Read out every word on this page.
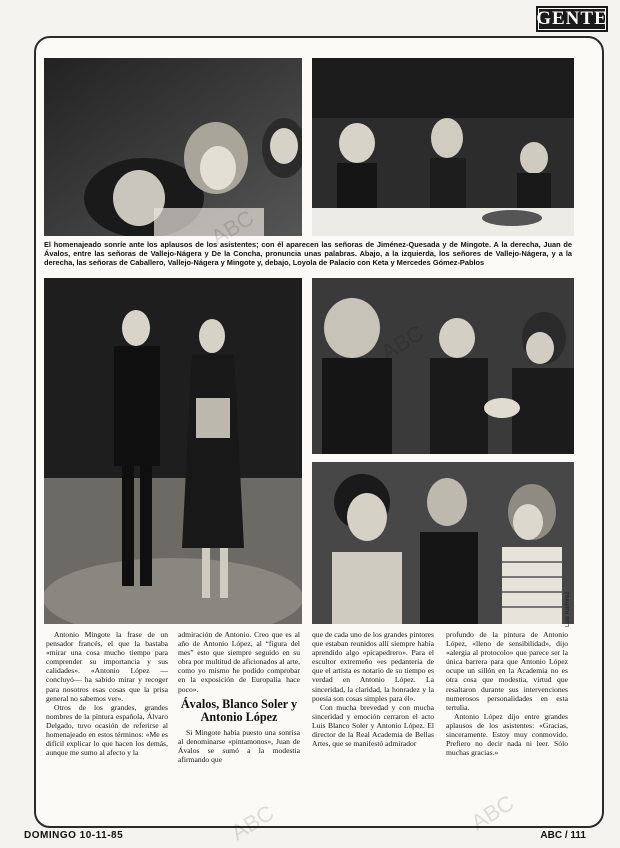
GENTE
El homenajeado sonríe ante los aplausos de los asistentes; con él aparecen las señoras de Jiménez-Quesada y de Mingote. A la derecha, Juan de Ávalos, entre las señoras de Vallejo-Nágera y De la Concha, pronuncia unas palabras. Abajo, a la izquierda, los señores de Vallejo-Nágera, y a la derecha, las señoras de Caballero, Vallejo-Nágera y Mingote y, debajo, Loyola de Palacio con Keta y Mercedes Gómez-Pablos
Luis Ramírez

Antonio Mingote la frase de un pensador francés, el que la bastaba «mirar una cosa mucho tiempo para comprender su importancia y sus calidades». «Antonio López —concluyó— ha sabido mirar y recoger para nosotros esas cosas que la prisa general no sabemos ver».

Otros de los grandes, grandes nombres de la pintura española, Álvaro Delgado, tuvo ocasión de referirse al homenajeado en estos términos: «Me es difícil explicar lo que hacen los demás, aunque me sumo al afecto y la

admiración de Antonio. Creo que es al año de Antonio López, al “figura del mes” esto que siempre seguido en su obra por multitud de aficionados al arte, como yo mismo he podido comprobar en la exposición de Europalia hace poco».

Ávalos, Blanco Soler y Antonio López

Si Mingote había puesto una sonrisa al denominarse «pintamonos», Juan de Ávalos se sumó a la modestia afirmando que

que de cada uno de los grandes pintores que estaban reunidos allí siempre había aprendido algo «picapedrero». Para el escultor extremeño «es pedantería de que el artista es notario de su tiempo es verdad en Antonio López. La sinceridad, la claridad, la honradez y la poesía son cosas simples para él».

Con mucha brevedad y con mucha sinceridad y emoción cerraron el acto Luis Blanco Soler y Antonio López. El director de la Real Academia de Bellas Artes, que se manifestó admirador

profundo de la pintura de Antonio López, «lleno de sensibilidad», dijo «alergia al protocolo» que parece ser la única barrera para que Antonio López ocupe un sillón en la Academia no es otra cosa que modestia, virtud que resaltaron durante sus intervenciones numerosos personalidades en esta tertulia.

Antonio López dijo entre grandes aplausos de los asistentes: «Gracias, sinceramente. Estoy muy conmovido. Prefiero no decir nada ni leer. Sólo muchas gracias.»

DOMINGO 10-11-85	ABC / 111
